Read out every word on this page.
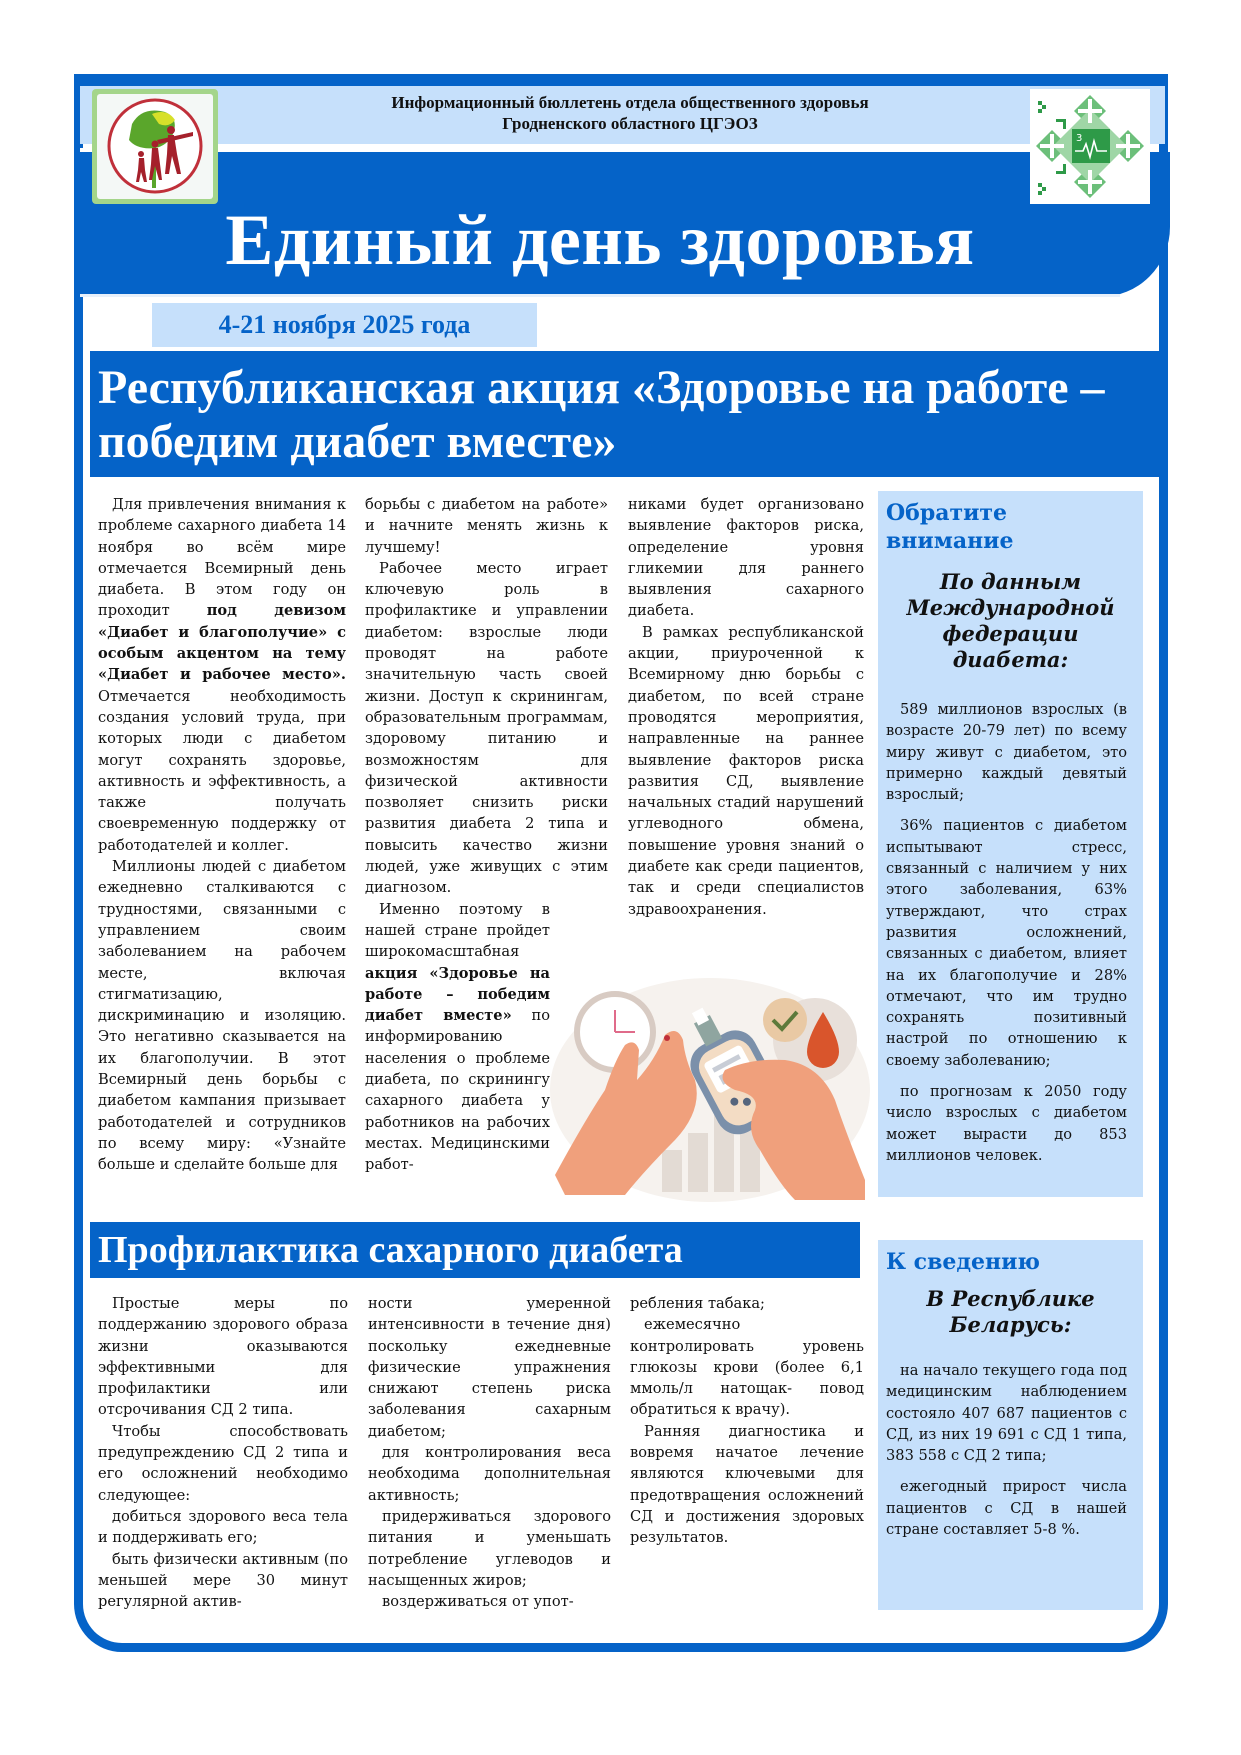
Информационный бюллетень отдела общественного здоровья
Гродненского областного ЦГЭОЗ
Единый день здоровья
4-21 ноября 2025 года
3
Республиканская акция «Здоровье на работе – победим диабет вместе»

Для привлечения внимания к проблеме сахарного диабета 14 ноября во всём мире отмечается Всемирный день диабета. В этом году он проходит под девизом «Диабет и благополучие» с особым акцентом на тему «Диабет и рабочее место». Отмечается необходимость создания условий труда, при которых люди с диабетом могут сохранять здоровье, активность и эффективность, а также получать своевременную поддержку от работодателей и коллег.

Миллионы людей с диабетом ежедневно сталкиваются с трудностями, связанными с управлением своим заболеванием на рабочем месте, включая стигматизацию, дискриминацию и изоляцию. Это негативно сказывается на их благополучии. В этот Всемирный день борьбы с диабетом кампания призывает работодателей и сотрудников по всему миру: «Узнайте больше и сделайте больше для

борьбы с диабетом на работе» и начните менять жизнь к лучшему!

Рабочее место играет ключевую роль в профилактике и управлении диабетом: взрослые люди проводят на работе значительную часть своей жизни. Доступ к скринингам, образовательным программам, здоровому питанию и возможностям для физической активности позволяет снизить риски развития диабета 2 типа и повысить качество жизни людей, уже живущих с этим диагнозом.

Именно поэтому в нашей стране пройдет широкомасштабная акция «Здоровье на работе – победим диабет вместе» по информированию населения о проблеме диабета, по скринингу сахарного диабета у работников на рабочих местах. Медицинскими работ-

никами будет организовано выявление факторов риска, определение уровня гликемии для раннего выявления сахарного диабета.

В рамках республиканской акции, приуроченной к Всемирному дню борьбы с диабетом, по всей стране проводятся мероприятия, направленные на раннее выявление факторов риска развития СД, выявление начальных стадий нарушений углеводного обмена, повышение уровня знаний о диабете как среди пациентов, так и среди специалистов здравоохранения.

Обратите внимание
По данным Международной федерации диабета:

589 миллионов взрослых (в возрасте 20-79 лет) по всему миру живут с диабетом, это примерно каждый девятый взрослый;

36% пациентов с диабетом испытывают стресс, связанный с наличием у них этого заболевания, 63% утверждают, что страх развития осложнений, связанных с диабетом, влияет на их благополучие и 28% отмечают, что им трудно сохранять позитивный настрой по отношению к своему заболеванию;

по прогнозам к 2050 году число взрослых с диабетом может вырасти до 853 миллионов человек.

Профилактика сахарного диабета

Простые меры по поддержанию здорового образа жизни оказываются эффективными для профилактики или отсрочивания СД 2 типа.

Чтобы способствовать предупреждению СД 2 типа и его осложнений необходимо следующее:

добиться здорового веса тела и поддерживать его;

быть физически активным (по меньшей мере 30 минут регулярной актив-

ности умеренной интенсивности в течение дня) поскольку ежедневные физические упражнения снижают степень риска заболевания сахарным диабетом;

для контролирования веса необходима дополнительная активность;

придерживаться здорового питания и уменьшать потребление углеводов и насыщенных жиров;

воздерживаться от упот-

ребления табака;

ежемесячно контролировать уровень глюкозы крови (более 6,1 ммоль/л натощак- повод обратиться к врачу).

Ранняя диагностика и вовремя начатое лечение являются ключевыми для предотвращения осложнений СД и достижения здоровых результатов.

К сведению
В Республике Беларусь:

на начало текущего года под медицинским наблюдением состояло 407 687 пациентов с СД, из них 19 691 с СД 1 типа, 383 558 с СД 2 типа;

ежегодный прирост числа пациентов с СД в нашей стране составляет 5-8 %.
